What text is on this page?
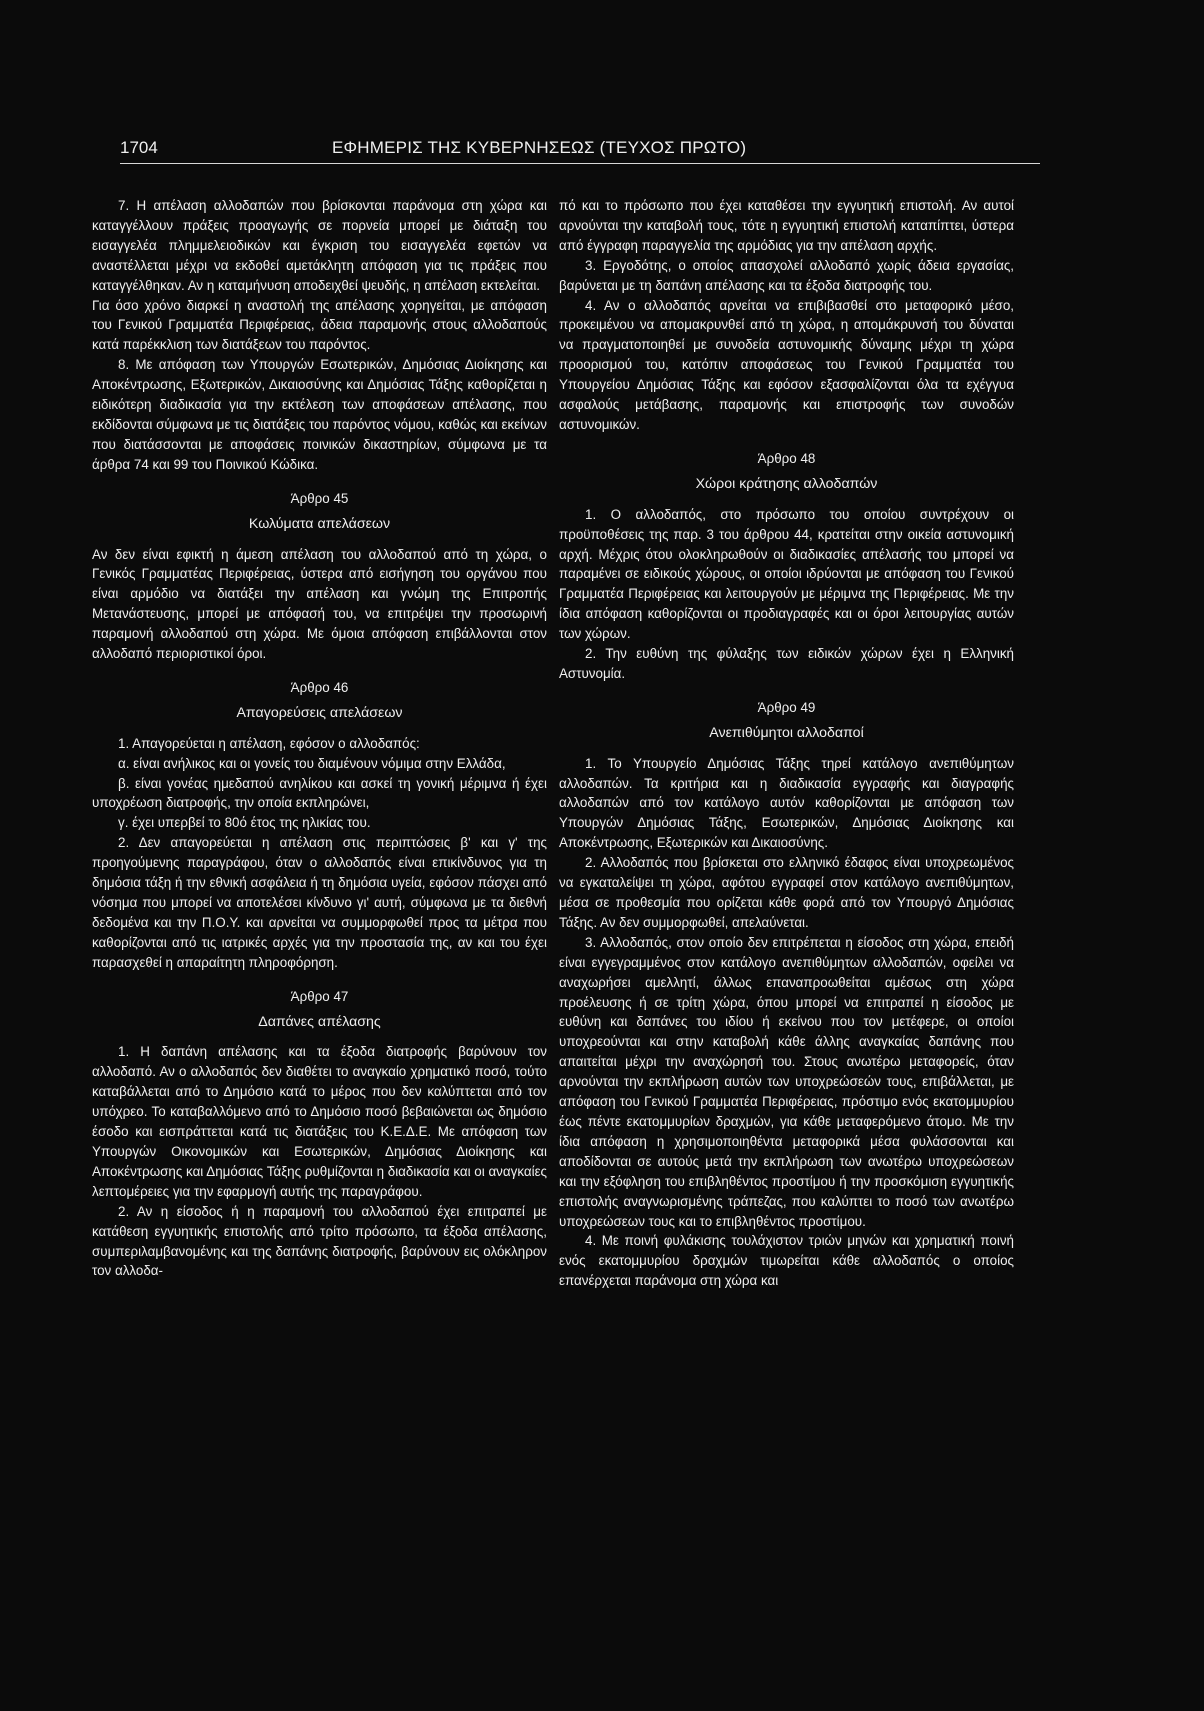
1704	ΕΦΗΜΕΡΙΣ ΤΗΣ ΚΥΒΕΡΝΗΣΕΩΣ (ΤΕΥΧΟΣ ΠΡΩΤΟ)

7. Η απέλαση αλλοδαπών που βρίσκονται παράνομα στη χώρα και καταγγέλλουν πράξεις προαγωγής σε πορνεία μπορεί με διάταξη του εισαγγελέα πλημμελειοδικών και έγκριση του εισαγγελέα εφετών να αναστέλλεται μέχρι να εκδοθεί αμετάκλητη απόφαση για τις πράξεις που καταγγέλθηκαν. Αν η καταμήνυση αποδειχθεί ψευδής, η απέλαση εκτελείται.

Για όσο χρόνο διαρκεί η αναστολή της απέλασης χορηγείται, με απόφαση του Γενικού Γραμματέα Περιφέρειας, άδεια παραμονής στους αλλοδαπούς κατά παρέκκλιση των διατάξεων του παρόντος.

8. Με απόφαση των Υπουργών Εσωτερικών, Δημόσιας Διοίκησης και Αποκέντρωσης, Εξωτερικών, Δικαιοσύνης και Δημόσιας Τάξης καθορίζεται η ειδικότερη διαδικασία για την εκτέλεση των αποφάσεων απέλασης, που εκδίδονται σύμφωνα με τις διατάξεις του παρόντος νόμου, καθώς και εκείνων που διατάσσονται με αποφάσεις ποινικών δικαστηρίων, σύμφωνα με τα άρθρα 74 και 99 του Ποινικού Κώδικα.

Άρθρο 45
Κωλύματα απελάσεων

Αν δεν είναι εφικτή η άμεση απέλαση του αλλοδαπού από τη χώρα, ο Γενικός Γραμματέας Περιφέρειας, ύστερα από εισήγηση του οργάνου που είναι αρμόδιο να διατάξει την απέλαση και γνώμη της Επιτροπής Μετανάστευσης, μπορεί με απόφασή του, να επιτρέψει την προσωρινή παραμονή αλλοδαπού στη χώρα. Με όμοια απόφαση επιβάλλονται στον αλλοδαπό περιοριστικοί όροι.

Άρθρο 46
Απαγορεύσεις απελάσεων

1. Απαγορεύεται η απέλαση, εφόσον ο αλλοδαπός:

α. είναι ανήλικος και οι γονείς του διαμένουν νόμιμα στην Ελλάδα,

β. είναι γονέας ημεδαπού ανηλίκου και ασκεί τη γονική μέριμνα ή έχει υποχρέωση διατροφής, την οποία εκπληρώνει,

γ. έχει υπερβεί το 80ό έτος της ηλικίας του.

2. Δεν απαγορεύεται η απέλαση στις περιπτώσεις β' και γ' της προηγούμενης παραγράφου, όταν ο αλλοδαπός είναι επικίνδυνος για τη δημόσια τάξη ή την εθνική ασφάλεια ή τη δημόσια υγεία, εφόσον πάσχει από νόσημα που μπορεί να αποτελέσει κίνδυνο γι' αυτή, σύμφωνα με τα διεθνή δεδομένα και την Π.Ο.Υ. και αρνείται να συμμορφωθεί προς τα μέτρα που καθορίζονται από τις ιατρικές αρχές για την προστασία της, αν και του έχει παρασχεθεί η απαραίτητη πληροφόρηση.

Άρθρο 47
Δαπάνες απέλασης

1. Η δαπάνη απέλασης και τα έξοδα διατροφής βαρύνουν τον αλλοδαπό. Αν ο αλλοδαπός δεν διαθέτει το αναγκαίο χρηματικό ποσό, τούτο καταβάλλεται από το Δημόσιο κατά το μέρος που δεν καλύπτεται από τον υπόχρεο. Το καταβαλλόμενο από το Δημόσιο ποσό βεβαιώνεται ως δημόσιο έσοδο και εισπράττεται κατά τις διατάξεις του Κ.Ε.Δ.Ε. Με απόφαση των Υπουργών Οικονομικών και Εσωτερικών, Δημόσιας Διοίκησης και Αποκέντρωσης και Δημόσιας Τάξης ρυθμίζονται η διαδικασία και οι αναγκαίες λεπτομέρειες για την εφαρμογή αυτής της παραγράφου.

2. Αν η είσοδος ή η παραμονή του αλλοδαπού έχει επιτραπεί με κατάθεση εγγυητικής επιστολής από τρίτο πρόσωπο, τα έξοδα απέλασης, συμπεριλαμβανομένης και της δαπάνης διατροφής, βαρύνουν εις ολόκληρον τον αλλοδα-

πό και το πρόσωπο που έχει καταθέσει την εγγυητική επιστολή. Αν αυτοί αρνούνται την καταβολή τους, τότε η εγγυητική επιστολή καταπίπτει, ύστερα από έγγραφη παραγγελία της αρμόδιας για την απέλαση αρχής.

3. Εργοδότης, ο οποίος απασχολεί αλλοδαπό χωρίς άδεια εργασίας, βαρύνεται με τη δαπάνη απέλασης και τα έξοδα διατροφής του.

4. Αν ο αλλοδαπός αρνείται να επιβιβασθεί στο μεταφορικό μέσο, προκειμένου να απομακρυνθεί από τη χώρα, η απομάκρυνσή του δύναται να πραγματοποιηθεί με συνοδεία αστυνομικής δύναμης μέχρι τη χώρα προορισμού του, κατόπιν αποφάσεως του Γενικού Γραμματέα του Υπουργείου Δημόσιας Τάξης και εφόσον εξασφαλίζονται όλα τα εχέγγυα ασφαλούς μετάβασης, παραμονής και επιστροφής των συνοδών αστυνομικών.

Άρθρο 48
Χώροι κράτησης αλλοδαπών

1. Ο αλλοδαπός, στο πρόσωπο του οποίου συντρέχουν οι προϋποθέσεις της παρ. 3 του άρθρου 44, κρατείται στην οικεία αστυνομική αρχή. Μέχρις ότου ολοκληρωθούν οι διαδικασίες απέλασής του μπορεί να παραμένει σε ειδικούς χώρους, οι οποίοι ιδρύονται με απόφαση του Γενικού Γραμματέα Περιφέρειας και λειτουργούν με μέριμνα της Περιφέρειας. Με την ίδια απόφαση καθορίζονται οι προδιαγραφές και οι όροι λειτουργίας αυτών των χώρων.

2. Την ευθύνη της φύλαξης των ειδικών χώρων έχει η Ελληνική Αστυνομία.

Άρθρο 49
Ανεπιθύμητοι αλλοδαποί

1. Το Υπουργείο Δημόσιας Τάξης τηρεί κατάλογο ανεπιθύμητων αλλοδαπών. Τα κριτήρια και η διαδικασία εγγραφής και διαγραφής αλλοδαπών από τον κατάλογο αυτόν καθορίζονται με απόφαση των Υπουργών Δημόσιας Τάξης, Εσωτερικών, Δημόσιας Διοίκησης και Αποκέντρωσης, Εξωτερικών και Δικαιοσύνης.

2. Αλλοδαπός που βρίσκεται στο ελληνικό έδαφος είναι υποχρεωμένος να εγκαταλείψει τη χώρα, αφότου εγγραφεί στον κατάλογο ανεπιθύμητων, μέσα σε προθεσμία που ορίζεται κάθε φορά από τον Υπουργό Δημόσιας Τάξης. Αν δεν συμμορφωθεί, απελαύνεται.

3. Αλλοδαπός, στον οποίο δεν επιτρέπεται η είσοδος στη χώρα, επειδή είναι εγγεγραμμένος στον κατάλογο ανεπιθύμητων αλλοδαπών, οφείλει να αναχωρήσει αμελλητί, άλλως επαναπροωθείται αμέσως στη χώρα προέλευσης ή σε τρίτη χώρα, όπου μπορεί να επιτραπεί η είσοδος με ευθύνη και δαπάνες του ιδίου ή εκείνου που τον μετέφερε, οι οποίοι υποχρεούνται και στην καταβολή κάθε άλλης αναγκαίας δαπάνης που απαιτείται μέχρι την αναχώρησή του. Στους ανωτέρω μεταφορείς, όταν αρνούνται την εκπλήρωση αυτών των υποχρεώσεών τους, επιβάλλεται, με απόφαση του Γενικού Γραμματέα Περιφέρειας, πρόστιμο ενός εκατομμυρίου έως πέντε εκατομμυρίων δραχμών, για κάθε μεταφερόμενο άτομο. Με την ίδια απόφαση η χρησιμοποιηθέντα μεταφορικά μέσα φυλάσσονται και αποδίδονται σε αυτούς μετά την εκπλήρωση των ανωτέρω υποχρεώσεων και την εξόφληση του επιβληθέντος προστίμου ή την προσκόμιση εγγυητικής επιστολής αναγνωρισμένης τράπεζας, που καλύπτει το ποσό των ανωτέρω υποχρεώσεων τους και το επιβληθέντος προστίμου.

4. Με ποινή φυλάκισης τουλάχιστον τριών μηνών και χρηματική ποινή ενός εκατομμυρίου δραχμών τιμωρείται κάθε αλλοδαπός ο οποίος επανέρχεται παράνομα στη χώρα και
